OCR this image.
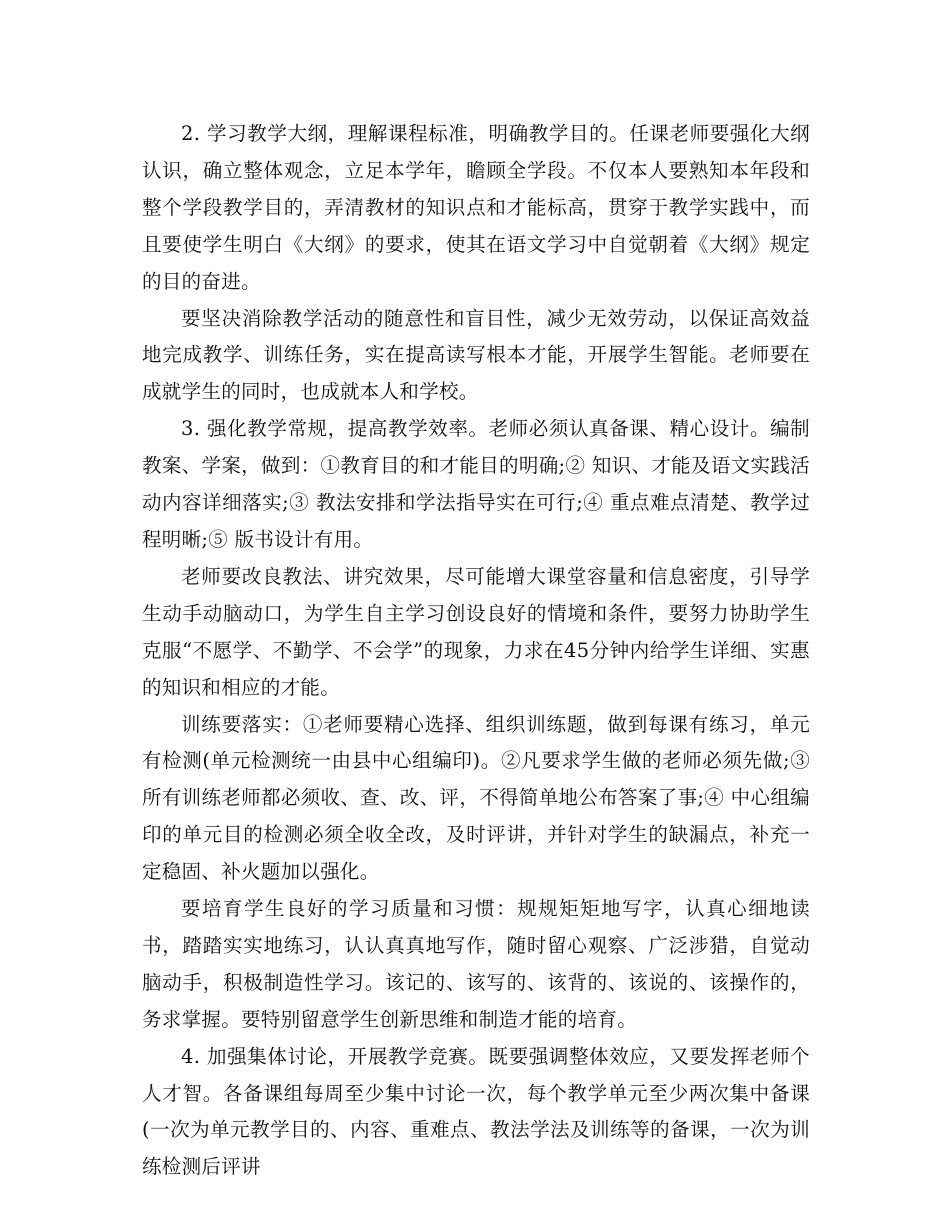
2. 学习教学大纲，理解课程标准，明确教学目的。任课老师要强化大纲认识，确立整体观念，立足本学年，瞻顾全学段。不仅本人要熟知本年段和整个学段教学目的，弄清教材的知识点和才能标高，贯穿于教学实践中，而且要使学生明白《大纲》的要求，使其在语文学习中自觉朝着《大纲》规定的目的奋进。

要坚决消除教学活动的随意性和盲目性，减少无效劳动，以保证高效益地完成教学、训练任务，实在提高读写根本才能，开展学生智能。老师要在成就学生的同时，也成就本人和学校。

3. 强化教学常规，提高教学效率。老师必须认真备课、精心设计。编制教案、学案，做到：①教育目的和才能目的明确;② 知识、才能及语文实践活动内容详细落实;③ 教法安排和学法指导实在可行;④ 重点难点清楚、教学过程明晰;⑤ 版书设计有用。

老师要改良教法、讲究效果，尽可能增大课堂容量和信息密度，引导学生动手动脑动口，为学生自主学习创设良好的情境和条件，要努力协助学生克服“不愿学、不勤学、不会学”的现象，力求在45分钟内给学生详细、实惠的知识和相应的才能。

训练要落实：①老师要精心选择、组织训练题，做到每课有练习，单元有检测(单元检测统一由县中心组编印)。②凡要求学生做的老师必须先做;③ 所有训练老师都必须收、查、改、评，不得简单地公布答案了事;④ 中心组编印的单元目的检测必须全收全改，及时评讲，并针对学生的缺漏点，补充一定稳固、补火题加以强化。

要培育学生良好的学习质量和习惯：规规矩矩地写字，认真心细地读书，踏踏实实地练习，认认真真地写作，随时留心观察、广泛涉猎，自觉动脑动手，积极制造性学习。该记的、该写的、该背的、该说的、该操作的，务求掌握。要特别留意学生创新思维和制造才能的培育。

4. 加强集体讨论，开展教学竞赛。既要强调整体效应，又要发挥老师个人才智。各备课组每周至少集中讨论一次，每个教学单元至少两次集中备课(一次为单元教学目的、内容、重难点、教法学法及训练等的备课，一次为训练检测后评讲
